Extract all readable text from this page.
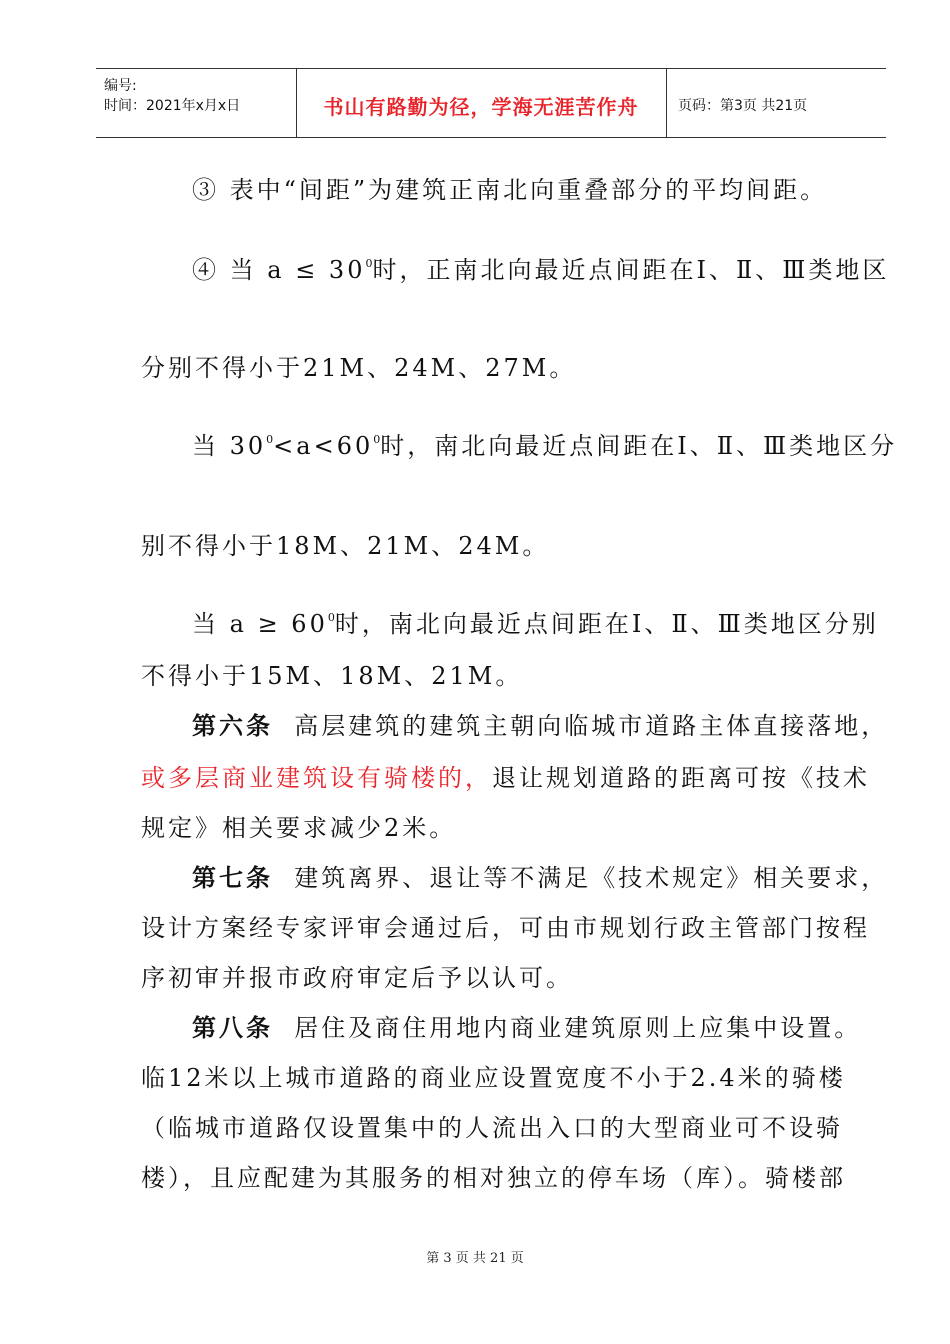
编号:
时间：2021年x月x日	书山有路勤为径，学海无涯苦作舟	页码：第3页 共21页
③ 表中“间距”为建筑正南北向重叠部分的平均间距。
④ 当 $a \le 30^0$时，正南北向最近点间距在Ⅰ、Ⅱ、Ⅲ类地区
分别不得小于21M、24M、27M。
当 $30^0<a<60^0$时，南北向最近点间距在Ⅰ、Ⅱ、Ⅲ类地区分
别不得小于18M、21M、24M。
当 $a \ge 60^0$时，南北向最近点间距在Ⅰ、Ⅱ、Ⅲ类地区分别
不得小于15M、18M、21M。
第六条 高层建筑的建筑主朝向临城市道路主体直接落地，
或多层商业建筑设有骑楼的，退让规划道路的距离可按《技术
规定》相关要求减少2米。
第七条 建筑离界、退让等不满足《技术规定》相关要求，
设计方案经专家评审会通过后，可由市规划行政主管部门按程
序初审并报市政府审定后予以认可。
第八条 居住及商住用地内商业建筑原则上应集中设置。
临12米以上城市道路的商业应设置宽度不小于2.4米的骑楼
（临城市道路仅设置集中的人流出入口的大型商业可不设骑
楼），且应配建为其服务的相对独立的停车场（库）。骑楼部
第 3 页 共 21 页
